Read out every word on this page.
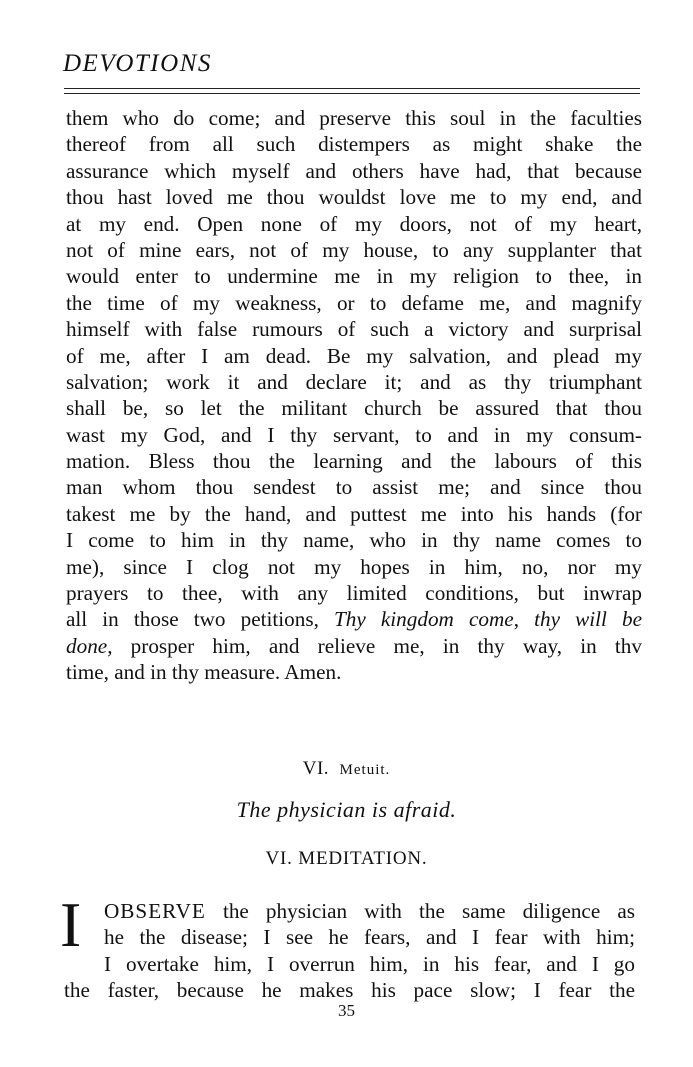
DEVOTIONS
them who do come; and preserve this soul in the faculties
thereof from all such distempers as might shake the
assurance which myself and others have had, that because
thou hast loved me thou wouldst love me to my end, and
at my end. Open none of my doors, not of my heart,
not of mine ears, not of my house, to any supplanter that
would enter to undermine me in my religion to thee, in
the time of my weakness, or to defame me, and magnify
himself with false rumours of such a victory and surprisal
of me, after I am dead. Be my salvation, and plead my
salvation; work it and declare it; and as thy triumphant
shall be, so let the militant church be assured that thou
wast my God, and I thy servant, to and in my consum-
mation. Bless thou the learning and the labours of this
man whom thou sendest to assist me; and since thou
takest me by the hand, and puttest me into his hands (for
I come to him in thy name, who in thy name comes to
me), since I clog not my hopes in him, no, nor my
prayers to thee, with any limited conditions, but inwrap
all in those two petitions, Thy kingdom come, thy will be
done, prosper him, and relieve me, in thy way, in thv
time, and in thy measure. Amen.
VI. Metuit.
The physician is afraid.
VI. MEDITATION.
I OBSERVE the physician with the same diligence as
he the disease; I see he fears, and I fear with him;
I overtake him, I overrun him, in his fear, and I go
the faster, because he makes his pace slow; I fear the
35
